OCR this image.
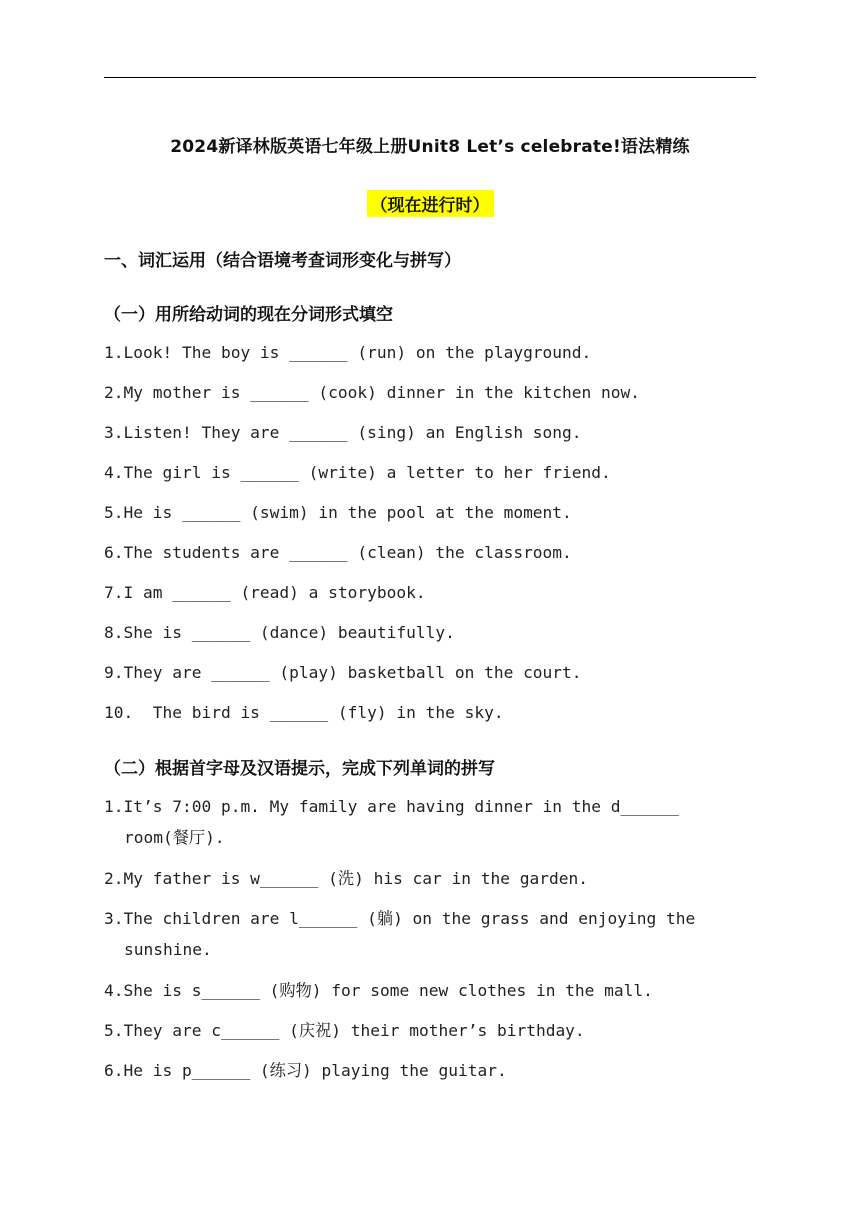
2024新译林版英语七年级上册Unit8 Let’s celebrate!语法精练
（现在进行时）
一、词汇运用（结合语境考查词形变化与拼写）
（一）用所给动词的现在分词形式填空
1.Look! The boy is ______ (run) on the playground.
2.My mother is ______ (cook) dinner in the kitchen now.
3.Listen! They are ______ (sing) an English song.
4.The girl is ______ (write) a letter to her friend.
5.He is ______ (swim) in the pool at the moment.
6.The students are ______ (clean) the classroom.
7.I am ______ (read) a storybook.
8.She is ______ (dance) beautifully.
9.They are ______ (play) basketball on the court.
10.  The bird is ______ (fly) in the sky.
（二）根据首字母及汉语提示，完成下列单词的拼写
1.It’s 7:00 p.m. My family are having dinner in the d______ room(餐厅).
2.My father is w______ (洗) his car in the garden.
3.The children are l______ (躺) on the grass and enjoying the sunshine.
4.She is s______ (购物) for some new clothes in the mall.
5.They are c______ (庆祝) their mother’s birthday.
6.He is p______ (练习) playing the guitar.
